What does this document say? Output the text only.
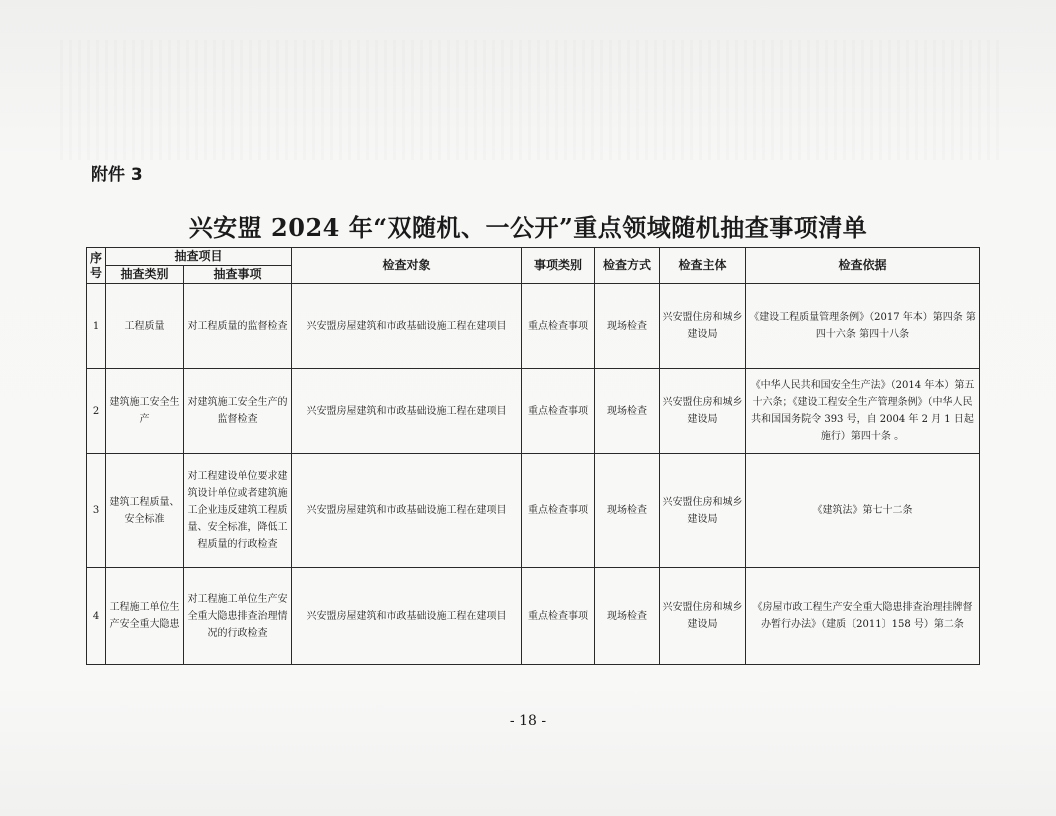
附件 3
兴安盟 2024 年“双随机、一公开”重点领域随机抽查事项清单
序号	抽查项目		检查对象	事项类别	检查方式	检查主体	检查依据
	抽查类别	抽查事项					
1	工程质量	对工程质量的监督检查	兴安盟房屋建筑和市政基础设施工程在建项目	重点检查事项	现场检查	兴安盟住房和城乡建设局	《建设工程质量管理条例》（2017 年本）第四条 第四十六条 第四十八条
2	建筑施工安全生产	对建筑施工安全生产的监督检查	兴安盟房屋建筑和市政基础设施工程在建项目	重点检查事项	现场检查	兴安盟住房和城乡建设局	《中华人民共和国安全生产法》（2014 年本）第五十六条；《建设工程安全生产管理条例》（中华人民共和国国务院令 393 号，自 2004 年 2 月 1 日起施行）第四十条 。
3	建筑工程质量、安全标准	对工程建设单位要求建筑设计单位或者建筑施工企业违反建筑工程质量、安全标准，降低工程质量的行政检查	兴安盟房屋建筑和市政基础设施工程在建项目	重点检查事项	现场检查	兴安盟住房和城乡建设局	《建筑法》第七十二条
4	工程施工单位生产安全重大隐患	对工程施工单位生产安全重大隐患排查治理情况的行政检查	兴安盟房屋建筑和市政基础设施工程在建项目	重点检查事项	现场检查	兴安盟住房和城乡建设局	《房屋市政工程生产安全重大隐患排查治理挂牌督办暂行办法》（建质〔2011〕158 号）第二条
- 18 -
